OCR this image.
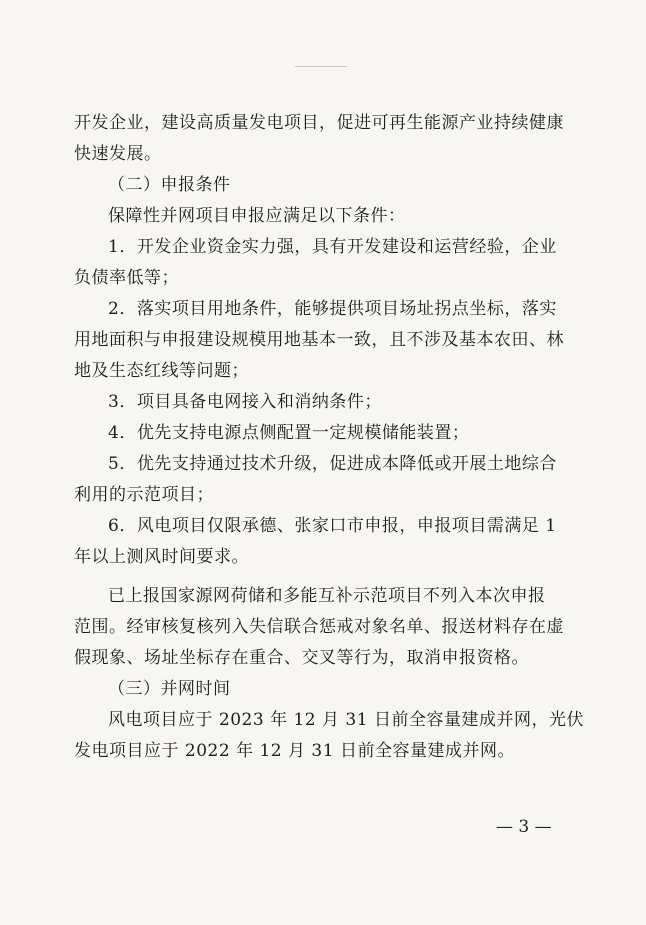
开发企业，建设高质量发电项目，促进可再生能源产业持续健康
快速发展。
（二）申报条件
保障性并网项目申报应满足以下条件：
1．开发企业资金实力强，具有开发建设和运营经验，企业
负债率低等；
2．落实项目用地条件，能够提供项目场址拐点坐标，落实
用地面积与申报建设规模用地基本一致，且不涉及基本农田、林
地及生态红线等问题；
3．项目具备电网接入和消纳条件；
4．优先支持电源点侧配置一定规模储能装置；
5．优先支持通过技术升级，促进成本降低或开展土地综合
利用的示范项目；
6．风电项目仅限承德、张家口市申报，申报项目需满足 1
年以上测风时间要求。
已上报国家源网荷储和多能互补示范项目不列入本次申报
范围。经审核复核列入失信联合惩戒对象名单、报送材料存在虚
假现象、场址坐标存在重合、交叉等行为，取消申报资格。
（三）并网时间
风电项目应于 2023 年 12 月 31 日前全容量建成并网，光伏
发电项目应于 2022 年 12 月 31 日前全容量建成并网。
— 3 —
